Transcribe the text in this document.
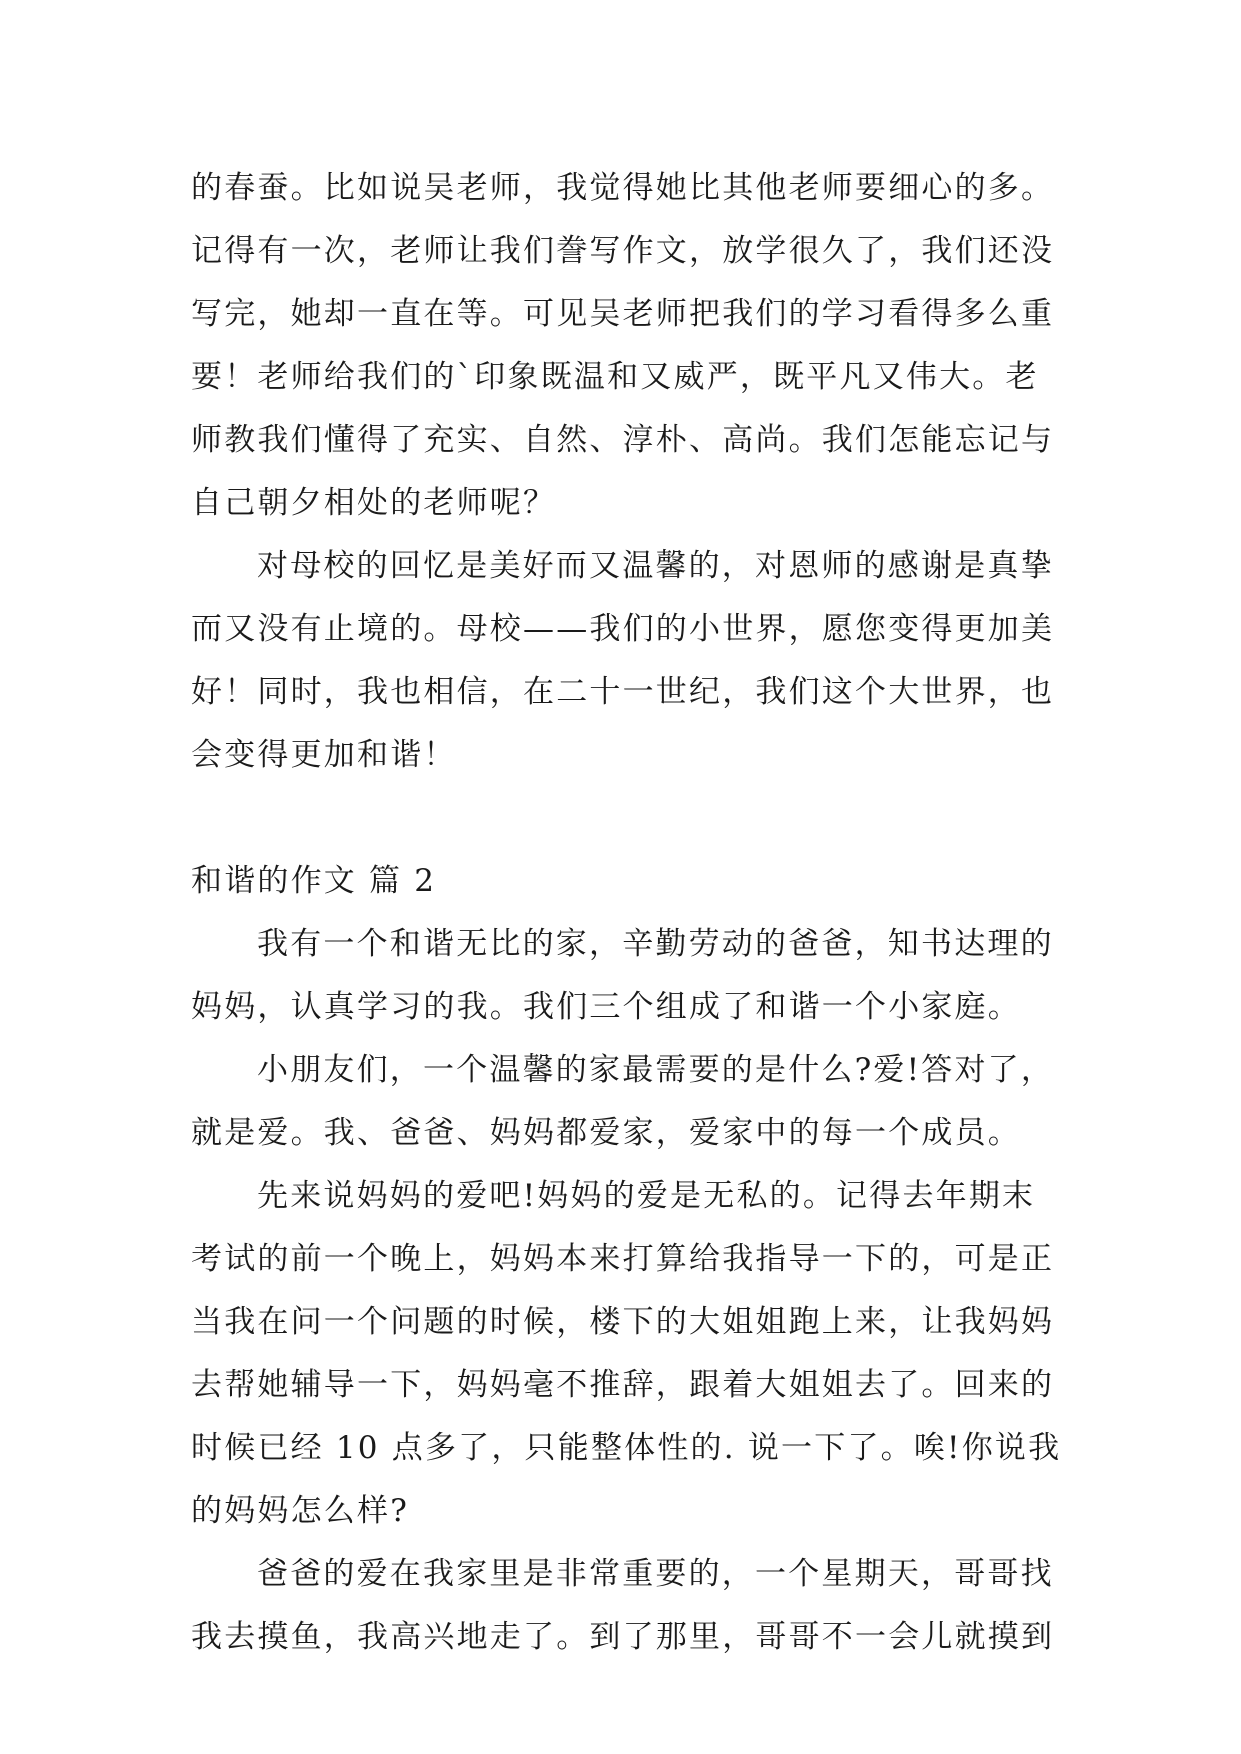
的春蚕。比如说吴老师，我觉得她比其他老师要细心的多。
记得有一次，老师让我们誊写作文，放学很久了，我们还没
写完，她却一直在等。可见吴老师把我们的学习看得多么重
要！老师给我们的`印象既温和又威严，既平凡又伟大。老
师教我们懂得了充实、自然、淳朴、高尚。我们怎能忘记与
自己朝夕相处的老师呢？
对母校的回忆是美好而又温馨的，对恩师的感谢是真挚
而又没有止境的。母校——我们的小世界，愿您变得更加美
好！同时，我也相信，在二十一世纪，我们这个大世界，也
会变得更加和谐！
和谐的作文 篇 2
我有一个和谐无比的家，辛勤劳动的爸爸，知书达理的
妈妈，认真学习的我。我们三个组成了和谐一个小家庭。
小朋友们，一个温馨的家最需要的是什么?爱!答对了，
就是爱。我、爸爸、妈妈都爱家，爱家中的每一个成员。
先来说妈妈的爱吧!妈妈的爱是无私的。记得去年期末
考试的前一个晚上，妈妈本来打算给我指导一下的，可是正
当我在问一个问题的时候，楼下的大姐姐跑上来，让我妈妈
去帮她辅导一下，妈妈毫不推辞，跟着大姐姐去了。回来的
时候已经 10 点多了，只能整体性的. 说一下了。唉!你说我
的妈妈怎么样?
爸爸的爱在我家里是非常重要的，一个星期天，哥哥找
我去摸鱼，我高兴地走了。到了那里，哥哥不一会儿就摸到
